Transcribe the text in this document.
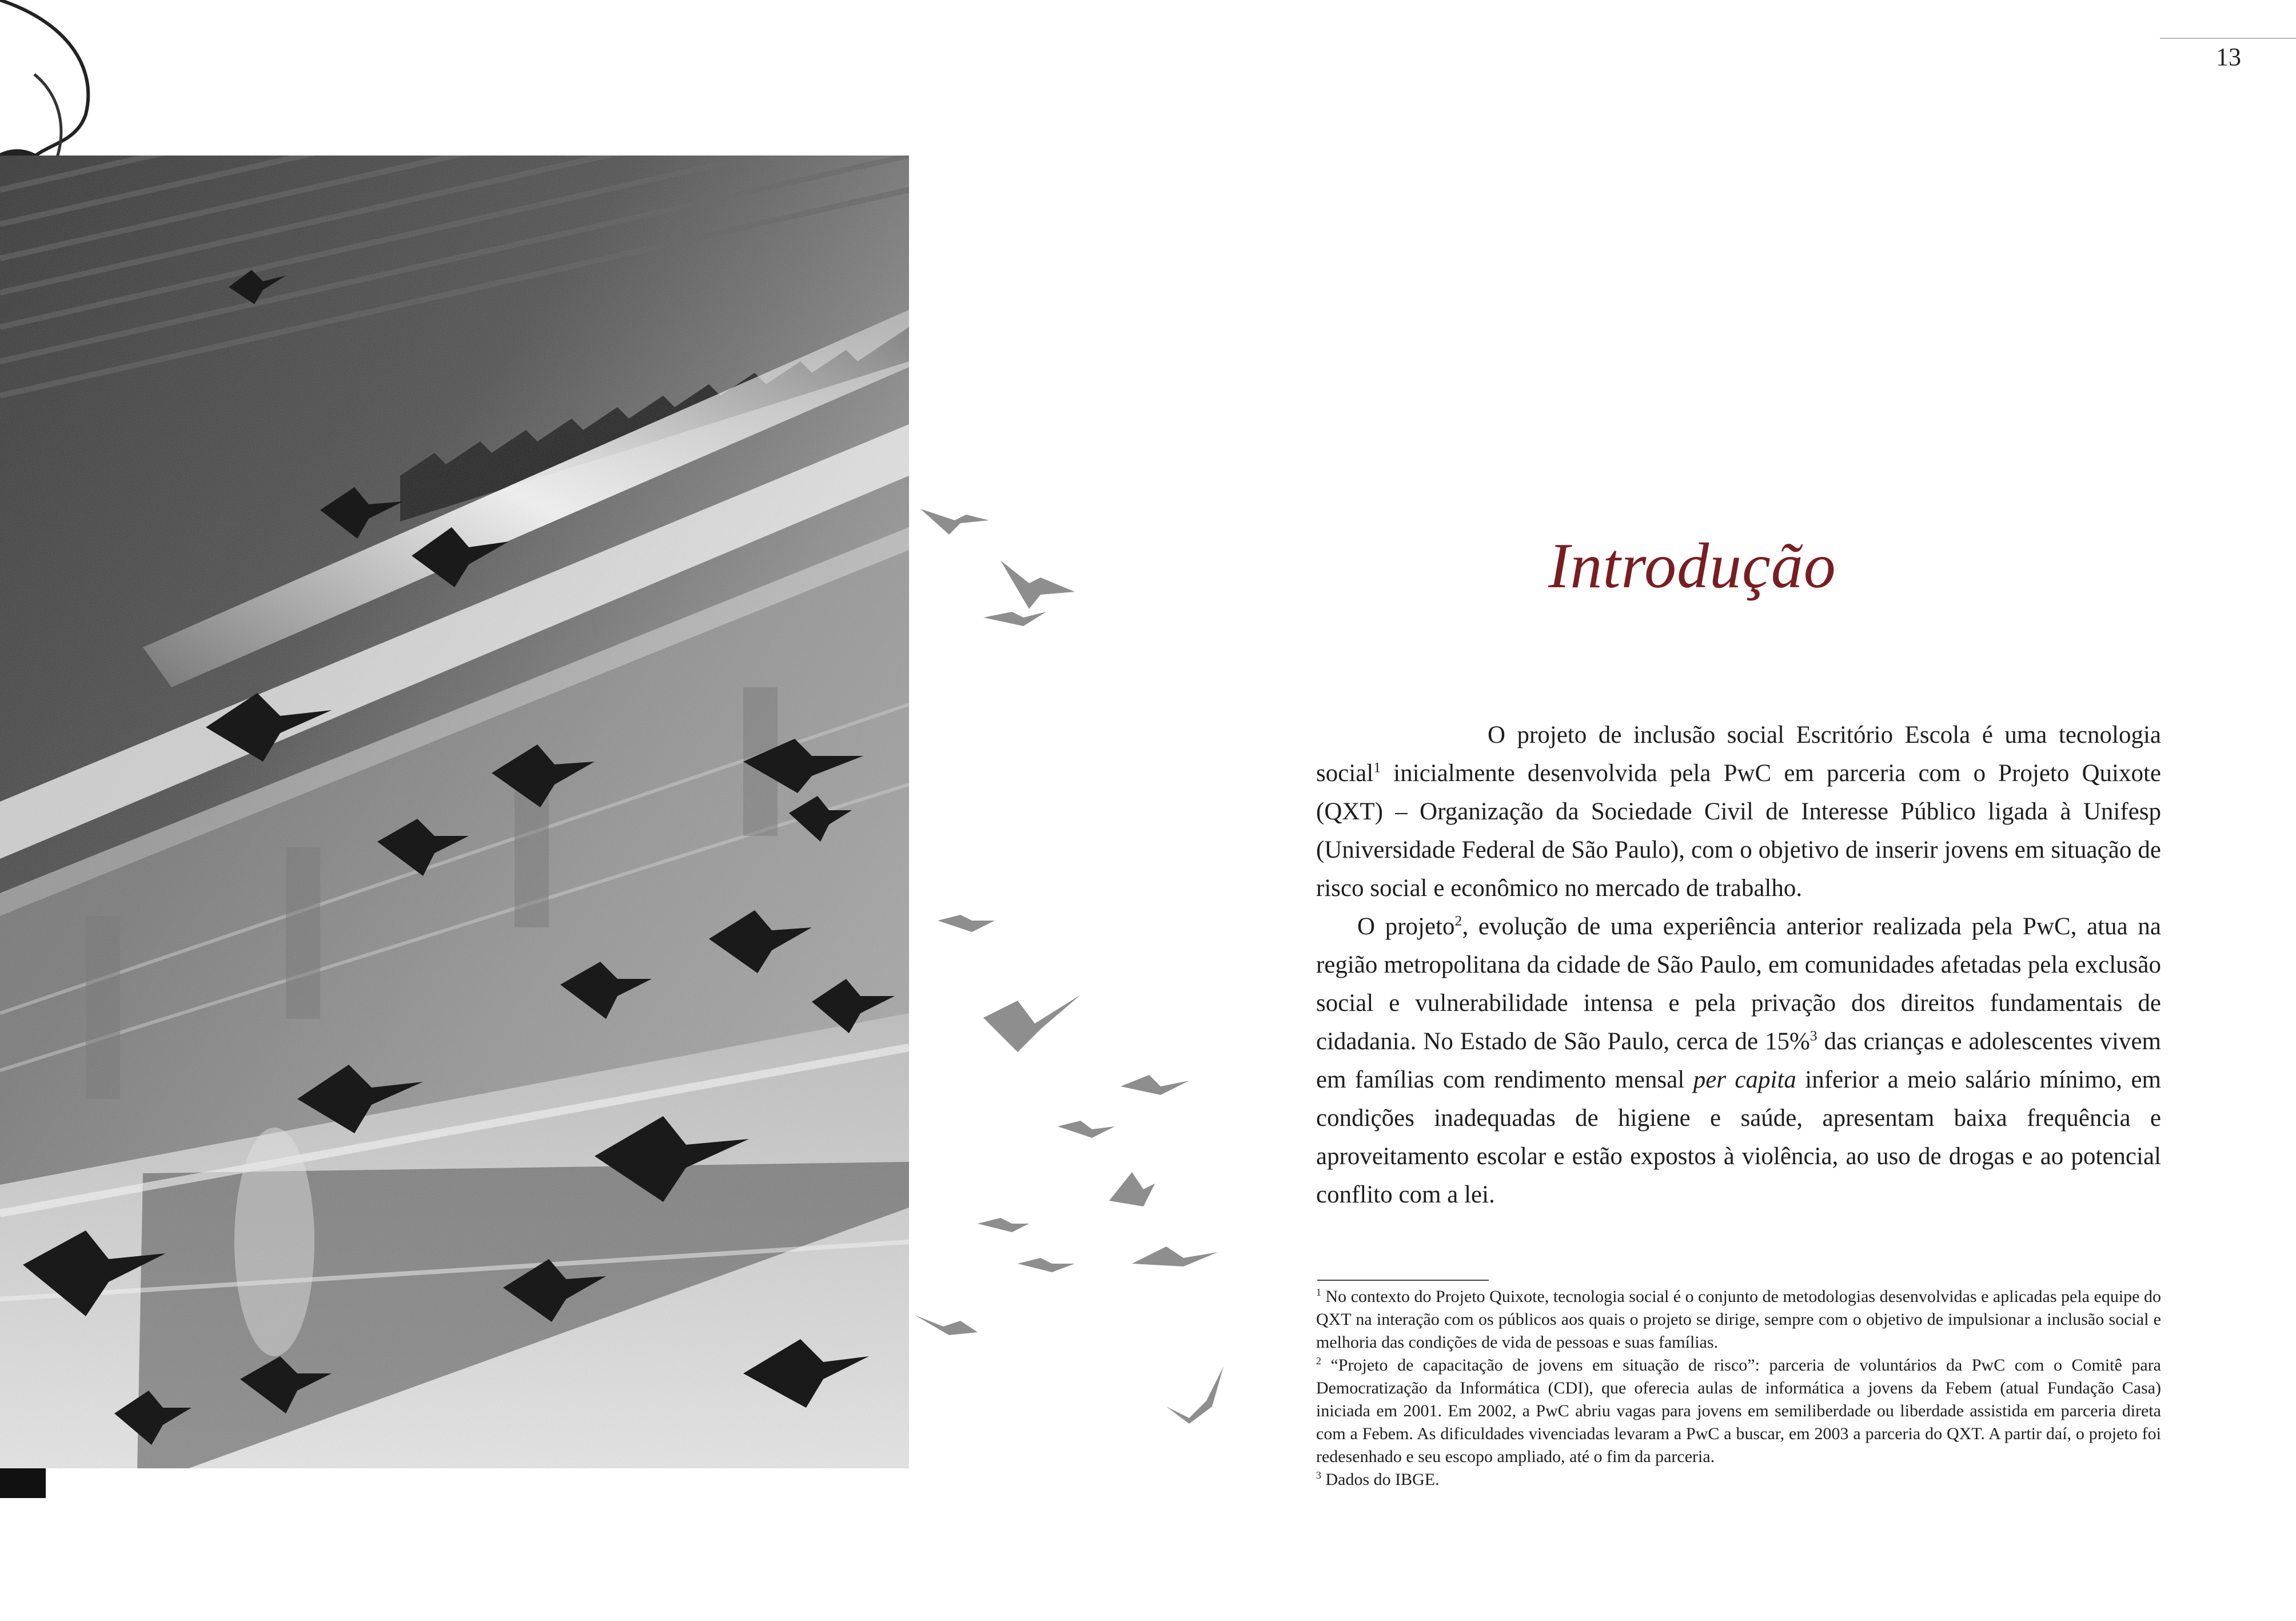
13
Introdução

O projeto de inclusão social Escritório Escola é uma tecnologia social$^1$ inicialmente desenvolvida pela PwC em parceria com o Projeto Quixote (QXT) – Organização da Sociedade Civil de Interesse Público ligada à Unifesp (Universidade Federal de São Paulo), com o objetivo de inserir jovens em situação de risco social e econômico no mercado de trabalho.

O projeto$^2$, evolução de uma experiência anterior realizada pela PwC, atua na região metropolitana da cidade de São Paulo, em comunidades afetadas pela exclusão social e vulnerabilidade intensa e pela privação dos direitos fundamentais de cidadania. No Estado de São Paulo, cerca de 15%$^3$ das crianças e adolescentes vivem em famílias com rendimento mensal per capita inferior a meio salário mínimo, em condições inadequadas de higiene e saúde, apresentam baixa frequência e aproveitamento escolar e estão expostos à violência, ao uso de drogas e ao potencial conflito com a lei.

$^1$ No contexto do Projeto Quixote, tecnologia social é o conjunto de metodologias desenvolvidas e aplicadas pela equipe do QXT na interação com os públicos aos quais o projeto se dirige, sempre com o objetivo de impulsionar a inclusão social e melhoria das condições de vida de pessoas e suas famílias.

$^2$ “Projeto de capacitação de jovens em situação de risco”: parceria de voluntários da PwC com o Comitê para Democratização da Informática (CDI), que oferecia aulas de informática a jovens da Febem (atual Fundação Casa) iniciada em 2001. Em 2002, a PwC abriu vagas para jovens em semiliberdade ou liberdade assistida em parceria direta com a Febem. As dificuldades vivenciadas levaram a PwC a buscar, em 2003 a parceria do QXT. A partir daí, o projeto foi redesenhado e seu escopo ampliado, até o fim da parceria.

$^3$ Dados do IBGE.
